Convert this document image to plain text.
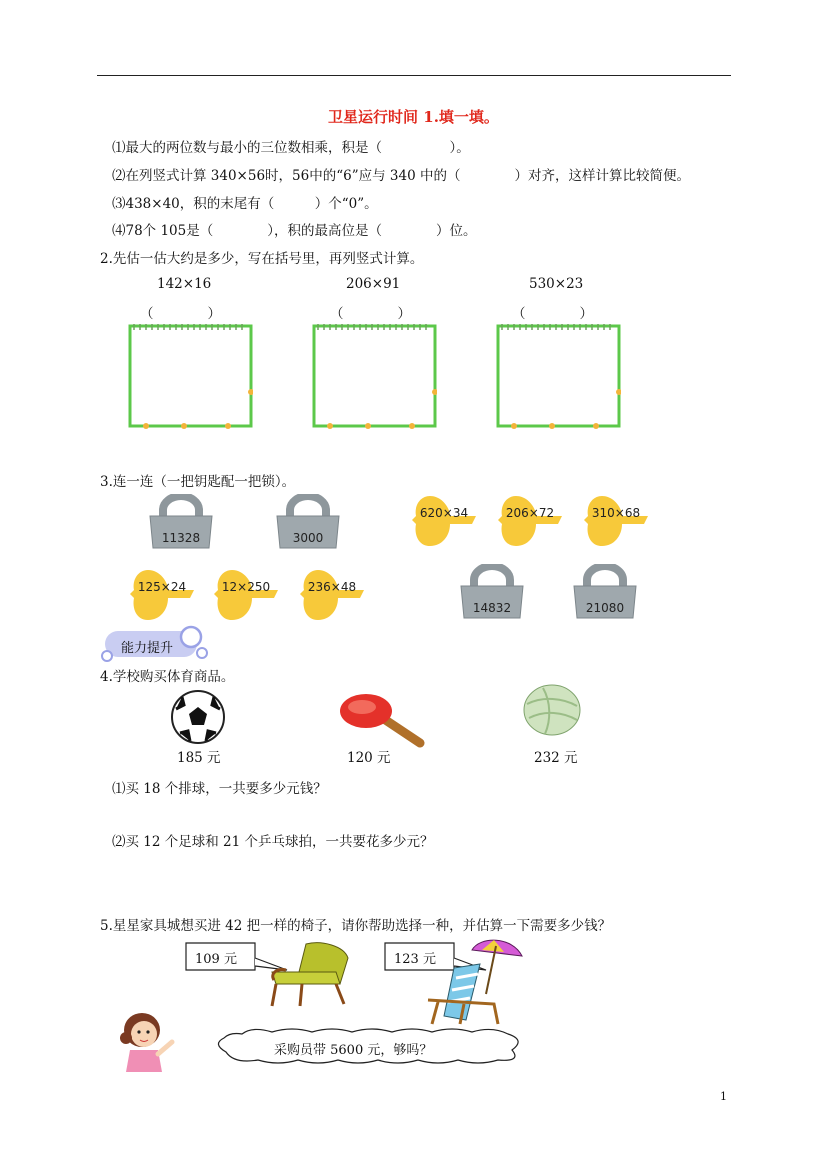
卫星运行时间 1.填一填。
⑴最大的两位数与最小的三位数相乘，积是（　　　　　）。
⑵在列竖式计算 340×56时，56中的“6”应与 340 中的（　　　　）对齐，这样计算比较简便。
⑶438×40，积的末尾有（　　　）个“0”。
⑷78个 105是（　　　　），积的最高位是（　　　　）位。
2.先估一估大约是多少，写在括号里，再列竖式计算。
142×16	206×91	530×23
（　　　　）	（　　　　）	（　　　　）
3.连一连（一把钥匙配一把锁）。
11328	3000
14832	21080
620×34	206×72	310×68
125×24	12×250	236×48
能力提升
4.学校购买体育商品。
185 元	120 元	232 元
⑴买 18 个排球，一共要多少元钱？
⑵买 12 个足球和 21 个乒乓球拍，一共要花多少元？
5.星星家具城想买进 42 把一样的椅子，请你帮助选择一种，并估算一下需要多少钱？
109 元	123 元
采购员带 5600 元，够吗？
1
